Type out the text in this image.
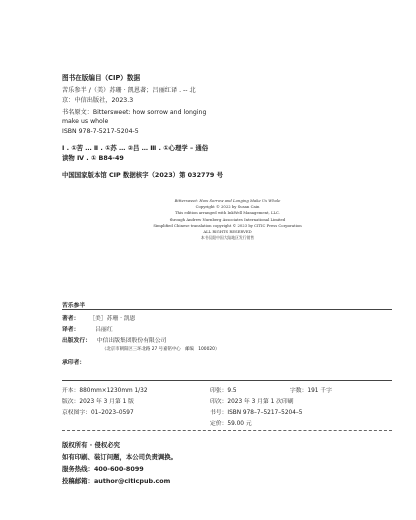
图书在版编目（CIP）数据
苦乐参半 /（美）苏珊 · 凯恩著；吕丽红译 . -- 北
京：中信出版社，2023.3
书名原文：Bittersweet: how sorrow and longing
make us whole
ISBN 978-7-5217-5204-5
Ⅰ . ①苦 … Ⅱ . ①苏 … ②吕 … Ⅲ . ①心理学 – 通俗
读物 Ⅳ . ① B84-49
中国国家版本馆 CIP 数据核字（2023）第 032779 号
Bittersweet: How Sorrow and Longing Make Us Whole
Copyright © 2022 by Susan Cain
This edition arranged with InkWell Management, LLC.
through Andrew Nurnberg Associates International Limited
Simplified Chinese translation copyright © 2023 by CITIC Press Corporation
ALL RIGHTS RESERVED
本书仅限中国大陆地区发行销售
苦乐参半
著者： ［美］苏珊 · 凯恩
译者：	吕丽红
出版发行： 中信出版集团股份有限公司
（北京市朝阳区三环北路 27 号嘉铭中心　邮编　100020）
承印者：
开本：880mm×1230mm 1/32	印张：9.5	字数：191 千字
版次：2023 年 3 月第 1 版	印次：2023 年 3 月第 1 次印刷
京权图字：01–2023–0597	书号：ISBN 978–7–5217–5204–5
定价：59.00 元
版权所有 · 侵权必究
如有印刷、装订问题，本公司负责调换。
服务热线：400-600-8099
投稿邮箱：author@citicpub.com
